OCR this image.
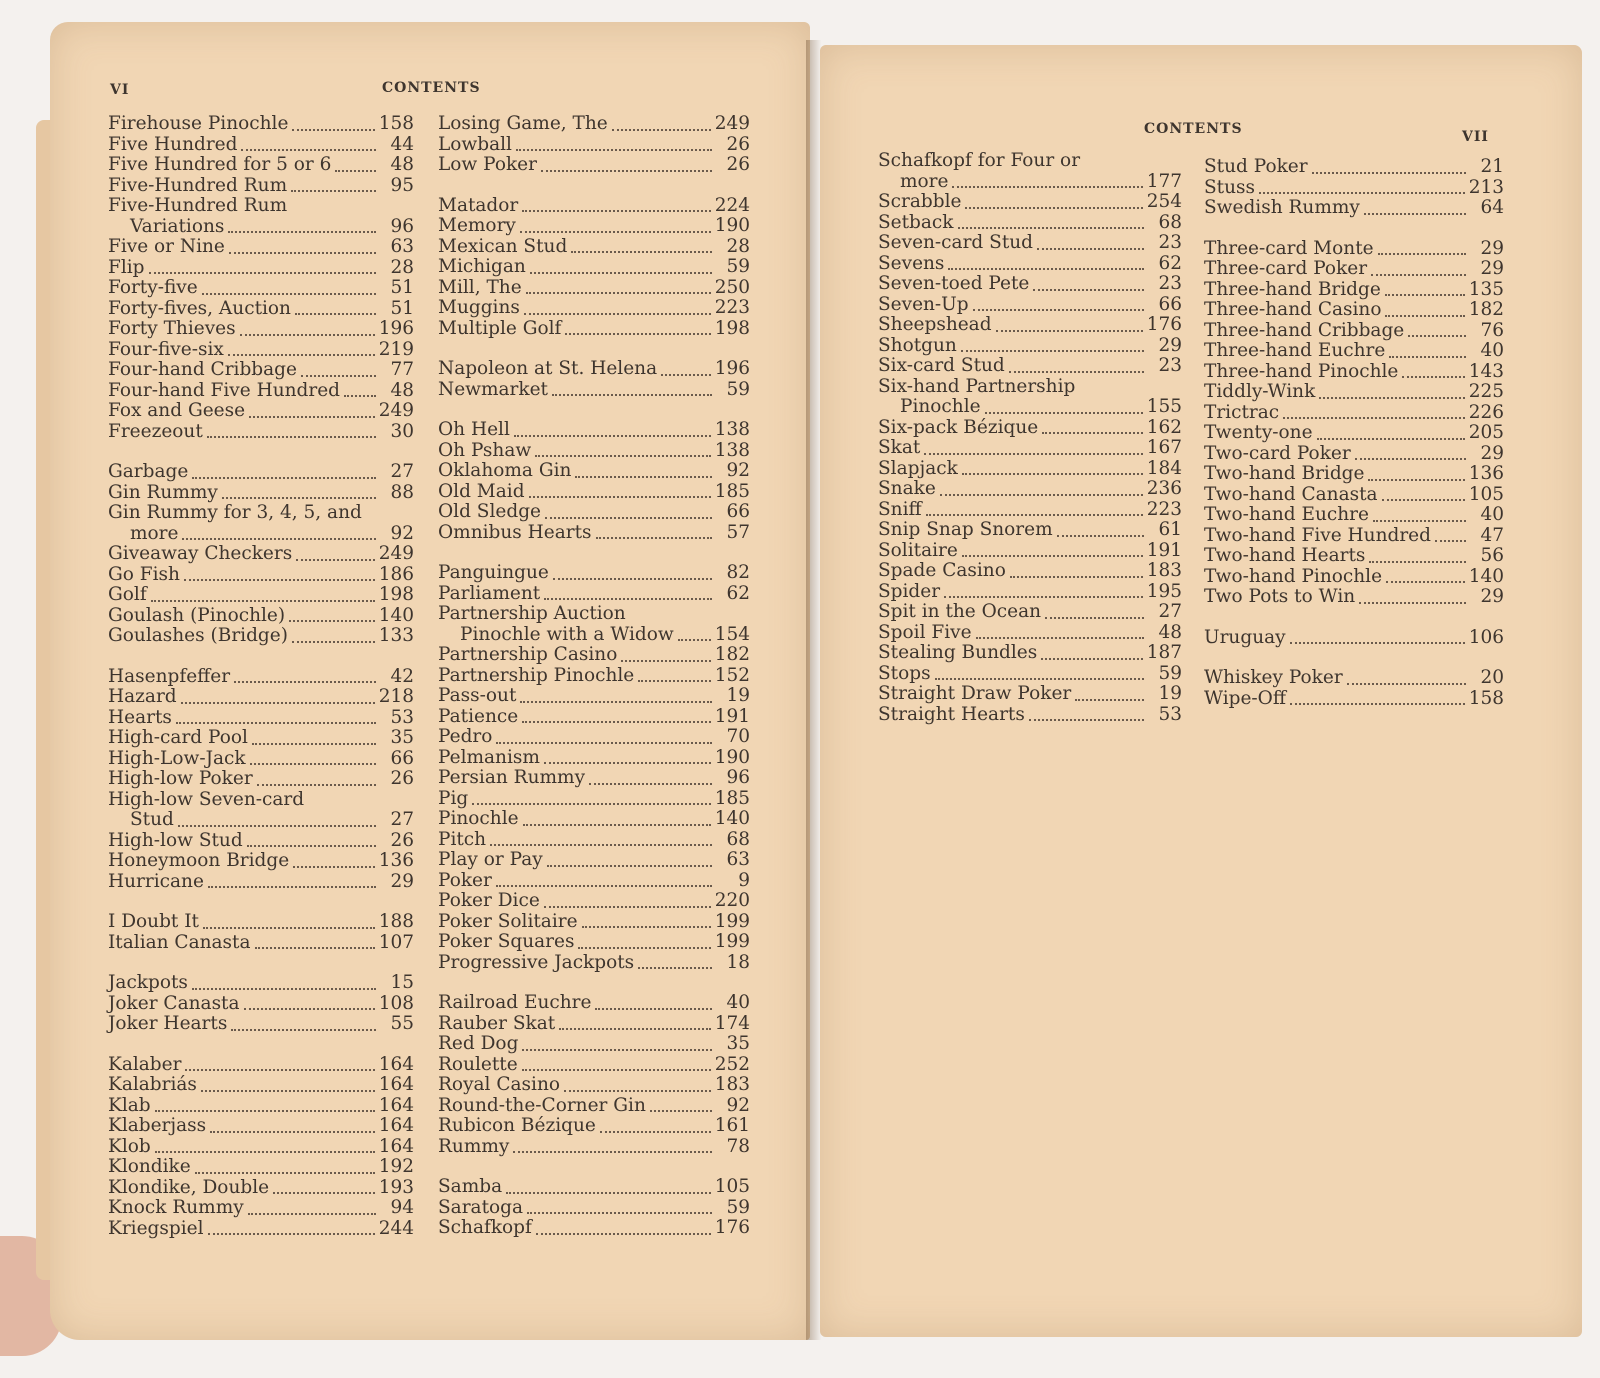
VI	CONTENTS
Firehouse Pinochle	158
Five Hundred	44
Five Hundred for 5 or 6	48
Five-Hundred Rum	95
Five-Hundred Rum
Variations	96
Five or Nine	63
Flip	28
Forty-five	51
Forty-fives, Auction	51
Forty Thieves	196
Four-five-six	219
Four-hand Cribbage	77
Four-hand Five Hundred	48
Fox and Geese	249
Freezeout	30
Garbage	27
Gin Rummy	88
Gin Rummy for 3, 4, 5, and
more	92
Giveaway Checkers	249
Go Fish	186
Golf	198
Goulash (Pinochle)	140
Goulashes (Bridge)	133
Hasenpfeffer	42
Hazard	218
Hearts	53
High-card Pool	35
High-Low-Jack	66
High-low Poker	26
High-low Seven-card
Stud	27
High-low Stud	26
Honeymoon Bridge	136
Hurricane	29
I Doubt It	188
Italian Canasta	107
Jackpots	15
Joker Canasta	108
Joker Hearts	55
Kalaber	164
Kalabriás	164
Klab	164
Klaberjass	164
Klob	164
Klondike	192
Klondike, Double	193
Knock Rummy	94
Kriegspiel	244
Losing Game, The	249
Lowball	26
Low Poker	26
Matador	224
Memory	190
Mexican Stud	28
Michigan	59
Mill, The	250
Muggins	223
Multiple Golf	198
Napoleon at St. Helena	196
Newmarket	59
Oh Hell	138
Oh Pshaw	138
Oklahoma Gin	92
Old Maid	185
Old Sledge	66
Omnibus Hearts	57
Panguingue	82
Parliament	62
Partnership Auction
Pinochle with a Widow 154
Partnership Casino	182
Partnership Pinochle	152
Pass-out	19
Patience	191
Pedro	70
Pelmanism	190
Persian Rummy	96
Pig	185
Pinochle	140
Pitch	68
Play or Pay	63
Poker	9
Poker Dice	220
Poker Solitaire	199
Poker Squares	199
Progressive Jackpots	18
Railroad Euchre	40
Rauber Skat	174
Red Dog	35
Roulette	252
Royal Casino	183
Round-the-Corner Gin	92
Rubicon Bézique	161
Rummy	78
Samba	105
Saratoga	59
Schafkopf	176
CONTENTS	VII
Schafkopf for Four or
more	177
Scrabble	254
Setback	68
Seven-card Stud	23
Sevens	62
Seven-toed Pete	23
Seven-Up	66
Sheepshead	176
Shotgun	29
Six-card Stud	23
Six-hand Partnership
Pinochle	155
Six-pack Bézique	162
Skat	167
Slapjack	184
Snake	236
Sniff	223
Snip Snap Snorem	61
Solitaire	191
Spade Casino	183
Spider	195
Spit in the Ocean	27
Spoil Five	48
Stealing Bundles	187
Stops	59
Straight Draw Poker	19
Straight Hearts	53
Stud Poker	21
Stuss	213
Swedish Rummy	64
Three-card Monte	29
Three-card Poker	29
Three-hand Bridge	135
Three-hand Casino	182
Three-hand Cribbage	76
Three-hand Euchre	40
Three-hand Pinochle	143
Tiddly-Wink	225
Trictrac	226
Twenty-one	205
Two-card Poker	29
Two-hand Bridge	136
Two-hand Canasta	105
Two-hand Euchre	40
Two-hand Five Hundred	47
Two-hand Hearts	56
Two-hand Pinochle	140
Two Pots to Win	29
Uruguay	106
Whiskey Poker	20
Wipe-Off	158
